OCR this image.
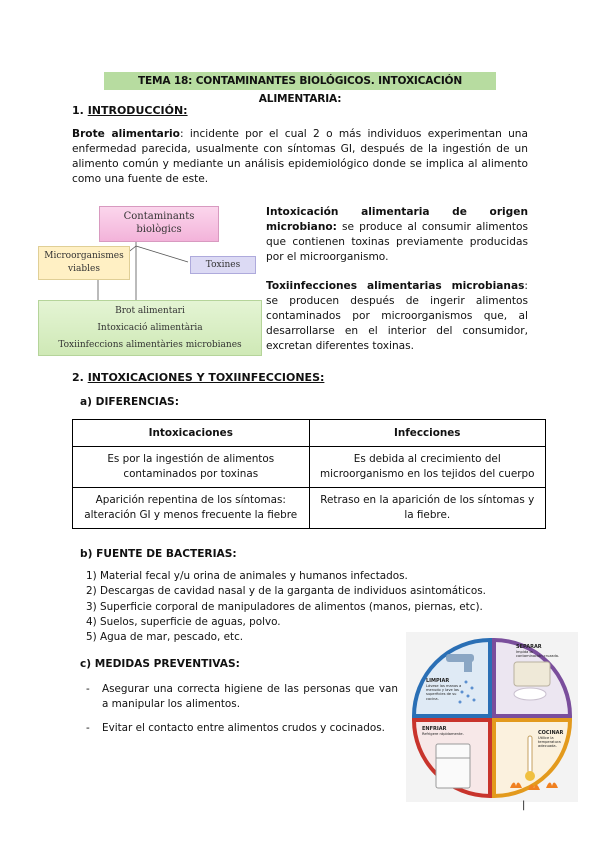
TEMA 18: CONTAMINANTES BIOLÓGICOS. INTOXICACIÓN ALIMENTARIA:
1. INTRODUCCIÓN:
Brote alimentario: incidente por el cual 2 o más individuos experimentan una enfermedad parecida, usualmente con síntomas GI, después de la ingestión de un alimento común y mediante un análisis epidemiológico donde se implica al alimento como una fuente de este.
Contaminants biològics
Microorganismes viables	Toxines
Brot alimentari
Intoxicació alimentària
Toxiinfeccions alimentàries microbianes
Intoxicación alimentaria de origen microbiano: se produce al consumir alimentos que contienen toxinas previamente producidas por el microorganismo.
Toxiinfecciones alimentarias microbianas: se producen después de ingerir alimentos contaminados por microorganismos que, al desarrollarse en el interior del consumidor, excretan diferentes toxinas.
2. INTOXICACIONES Y TOXIINFECCIONES:
a) DIFERENCIAS:
Intoxicaciones	Infecciones
Es por la ingestión de alimentos contaminados por toxinas	Es debida al crecimiento del microorganismo en los tejidos del cuerpo
Aparición repentina de los síntomas: alteración GI y menos frecuente la fiebre	Retraso en la aparición de los síntomas y la fiebre.
b) FUENTE DE BACTERIAS:
1) Material fecal y/u orina de animales y humanos infectados.
2) Descargas de cavidad nasal y de la garganta de individuos asintomáticos.
3) Superficie corporal de manipuladores de alimentos (manos, piernas, etc).
4) Suelos, superficie de aguas, polvo.
5) Agua de mar, pescado, etc.
c) MEDIDAS PREVENTIVAS:
-	Asegurar una correcta higiene de las personas que van a manipular los alimentos.
-	Evitar el contacto entre alimentos crudos y cocinados.
LIMPIAR
Lávese las manos a menudo y lave las superficies de su cocina.
SEPARAR
Impida la contaminación cruzada.
ENFRIAR
Refrigere rápidamente.	COCINAR
Utilice la temperatura adecuada.
|
